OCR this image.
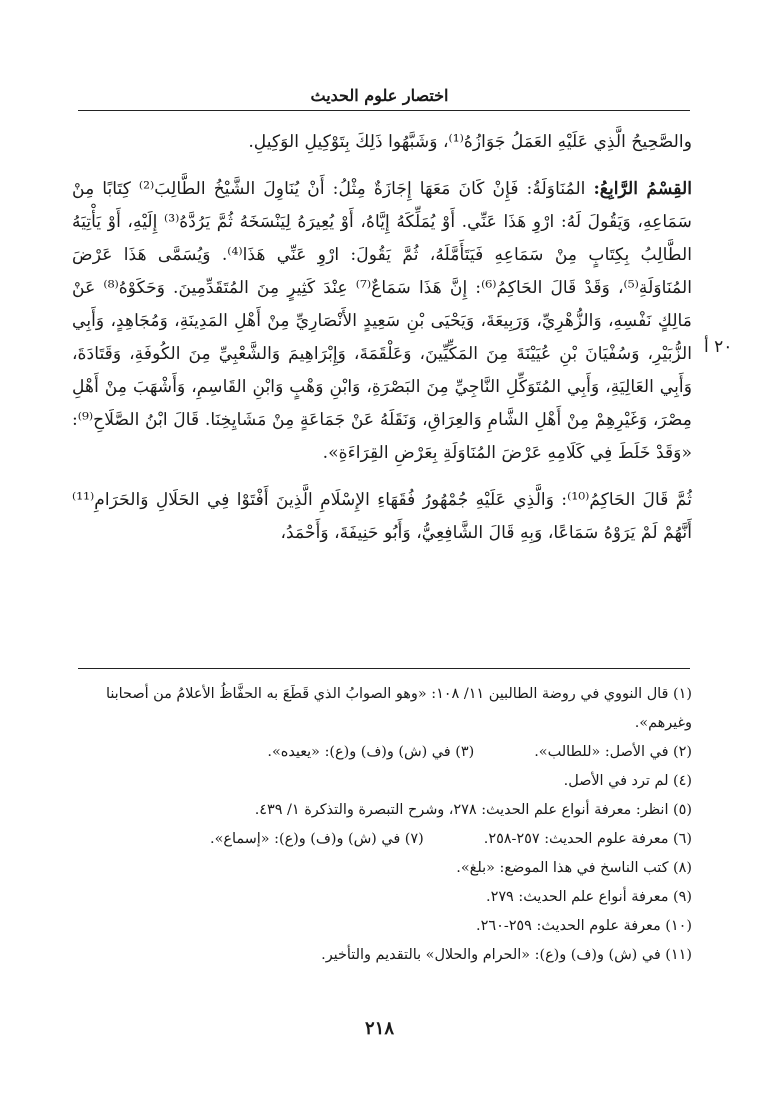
اختصار علوم الحديث
٢٠ أ

والصَّحِيحُ الَّذِي عَلَيْهِ العَمَلُ جَوَازُهُ⁽¹⁾، وَشَبَّهُوا ذَلِكَ بِتَوْكِيلِ الوَكِيلِ.

القِسْمُ الرَّابِعُ: المُنَاوَلَةُ: فَإِنْ كَانَ مَعَهَا إِجَازَةٌ مِثْلُ: أَنْ يُنَاوِلَ الشَّيْخُ الطَّالِبَ⁽²⁾ كِتَابًا مِنْ سَمَاعِهِ، وَيَقُولَ لَهُ: ارْوِ هَذَا عَنِّي. أَوْ يُمَلِّكَهُ إِيَّاهُ، أَوْ يُعِيرَهُ لِيَنْسَخَهُ ثُمَّ يَرُدَّهُ⁽³⁾ إِلَيْهِ، أَوْ يَأْتِيَهُ الطَّالِبُ بِكِتَابٍ مِنْ سَمَاعِهِ فَيَتَأَمَّلَهُ، ثُمَّ يَقُولَ: ارْوِ عَنِّي هَذَا⁽⁴⁾. وَيُسَمَّى هَذَا عَرْضَ المُنَاوَلَةِ⁽⁵⁾، وَقَدْ قَالَ الحَاكِمُ⁽⁶⁾: إِنَّ هَذَا سَمَاعٌ⁽⁷⁾ عِنْدَ كَثِيرٍ مِنَ المُتَقَدِّمِينَ. وَحَكَوْهُ⁽⁸⁾ عَنْ مَالِكٍ نَفْسِهِ، وَالزُّهْرِيِّ، وَرَبِيعَةَ، وَيَحْيَى بْنِ سَعِيدٍ الأَنْصَارِيِّ مِنْ أَهْلِ المَدِينَةِ، وَمُجَاهِدٍ، وَأَبِي الزُّبَيْرِ، وَسُفْيَانَ بْنِ عُيَيْنَةَ مِنَ المَكِّيِّينَ، وَعَلْقَمَةَ، وَإِبْرَاهِيمَ وَالشَّعْبِيِّ مِنَ الكُوفَةِ، وَقَتَادَةَ، وَأَبِي العَالِيَةِ، وَأَبِي المُتَوَكِّلِ النَّاجِيِّ مِنَ البَصْرَةِ، وَابْنِ وَهْبٍ وَابْنِ القَاسِمِ، وَأَشْهَبَ مِنْ أَهْلِ مِصْرَ، وَغَيْرِهِمْ مِنْ أَهْلِ الشَّامِ وَالعِرَاقِ، وَنَقَلَهُ عَنْ جَمَاعَةٍ مِنْ مَشَايِخِنَا. قَالَ ابْنُ الصَّلَاحِ⁽⁹⁾: «وَقَدْ خَلَطَ فِي كَلَامِهِ عَرْضَ المُنَاوَلَةِ بِعَرْضِ القِرَاءَةِ».

ثُمَّ قَالَ الحَاكِمُ⁽¹⁰⁾: وَالَّذِي عَلَيْهِ جُمْهُورُ فُقَهَاءِ الإِسْلَامِ الَّذِينَ أَفْتَوْا فِي الحَلَالِ وَالحَرَامِ⁽¹¹⁾ أَنَّهُمْ لَمْ يَرَوْهُ سَمَاعًا، وَبِهِ قَالَ الشَّافِعِيُّ، وَأَبُو حَنِيفَةَ، وَأَحْمَدُ،

(١) قال النووي في روضة الطالبين ١١/ ١٠٨: «وهو الصوابُ الذي قَطَعَ به الحفَّاظُ الأعلامُ من أصحابنا وغيرهم».

(٢) في الأصل: «للطالب».
(٣) في (ش) و(ف) و(ع): «يعيده».

(٤) لم ترد في الأصل.

(٥) انظر: معرفة أنواع علم الحديث: ٢٧٨، وشرح التبصرة والتذكرة ١/ ٤٣٩.

(٦) معرفة علوم الحديث: ٢٥٧-٢٥٨.
(٧) في (ش) و(ف) و(ع): «إسماع».

(٨) كتب الناسخ في هذا الموضع: «بلغ».

(٩) معرفة أنواع علم الحديث: ٢٧٩.

(١٠) معرفة علوم الحديث: ٢٥٩-٢٦٠.

(١١) في (ش) و(ف) و(ع): «الحرام والحلال» بالتقديم والتأخير.

٢١٨
